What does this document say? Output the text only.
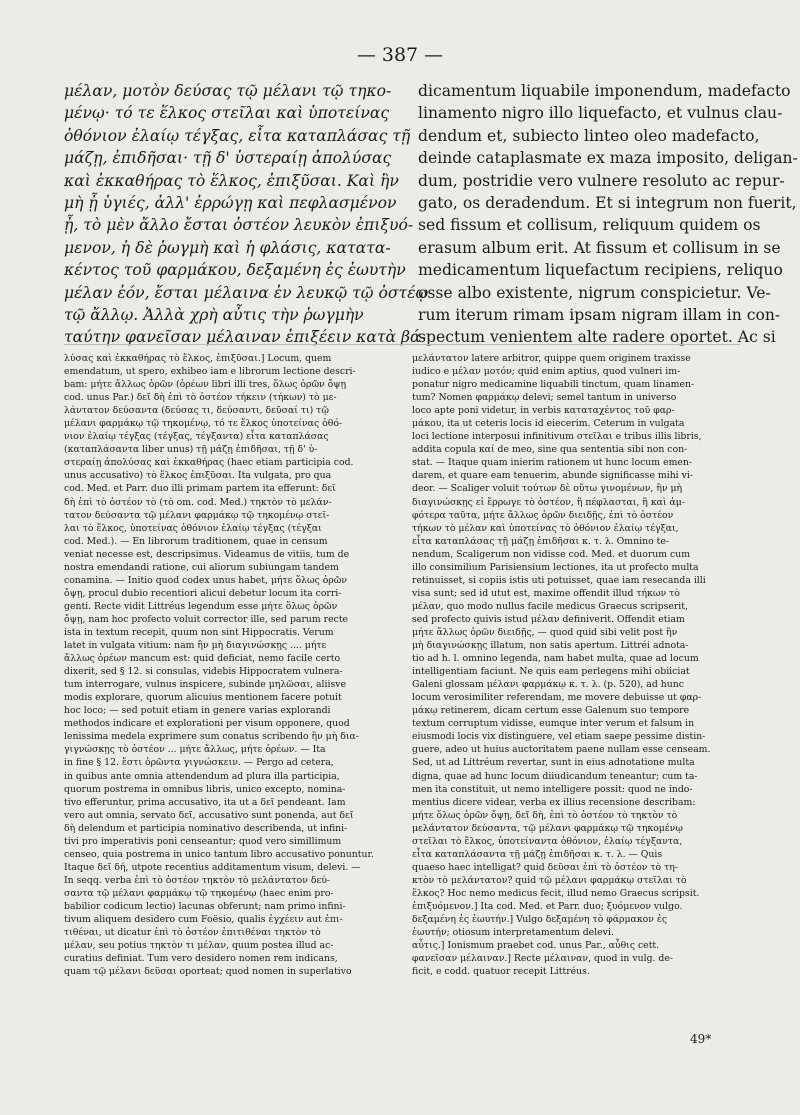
— 387 —
μέλαν, μοτὸν δεύσας τῷ μέλανι τῷ τηκο-
μένῳ· τό τε ἕλκος στεῖλαι καὶ ὑποτείνας
ὀθόνιον ἐλαίῳ τέγξας, εἶτα καταπλάσας τῇ
μάζῃ, ἐπιδῆσαι· τῇ δ' ὑστεραίῃ ἀπολύσας
καὶ ἐκκαθήρας τὸ ἕλκος, ἐπιξῦσαι. Καὶ ἢν
μὴ ᾖ ὑγιές, ἀλλ' ἐρρώγῃ καὶ πεφλασμένον
ᾖ, τὸ μὲν ἄλλο ἔσται ὀστέον λευκὸν ἐπιξυό-
μενον, ἡ δὲ ῥωγμὴ καὶ ἡ φλάσις, κατατα-
κέντος τοῦ φαρμάκου, δεξαμένη ἐς ἑωυτὴν
μέλαν ἐόν, ἔσται μέλαινα ἐν λευκῷ τῷ ὀστέῳ
τῷ ἄλλῳ. Ἀλλὰ χρὴ αὖτις τὴν ῥωγμὴν
ταύτην φανεῖσαν μέλαιναν ἐπιξέειν κατὰ βά-
dicamentum liquabile imponendum, madefacto
linamento nigro illo liquefacto, et vulnus clau-
dendum et, subiecto linteo oleo madefacto,
deinde cataplasmate ex maza imposito, deligan-
dum, postridie vero vulnere resoluto ac repur-
gato, os deradendum. Et si integrum non fuerit,
sed fissum et collisum, reliquum quidem os
erasum album erit. At fissum et collisum in se
medicamentum liquefactum recipiens, reliquo
osse albo existente, nigrum conspicietur. Ve-
rum iterum rimam ipsam nigram illam in con-
spectum venientem alte radere oportet. Ac si
λύσας καὶ ἐκκαθήρας τὸ ἕλκος, ἐπιξῦσαι.] Locum, quem
emendatum, ut spero, exhibeo iam e librorum lectione descri-
bam: μήτε ἄλλως ὁρῶν (ὁρέων libri illi tres, ὅλως ὁρῶν ὄψῃ
cod. unus Par.) δεῖ δὴ ἐπὶ τὸ ὀστέον τήκειν (τήκων) τὸ με-
λάντατον δεύσαντα (δεύσας τι, δεύσαντι, δεῦσαί τι) τῷ
μέλανι φαρμάκῳ τῷ τηκομένῳ, τό τε ἕλκος ὑποτείνας ὀθό-
νιον ἐλαίῳ τέγξας (τέγξας, τέγξαντα) εἶτα καταπλάσας
(καταπλάσαντα liber unus) τῇ μάζῃ ἐπιδῆσαι, τῇ δ' ὑ-
στεραίῃ ἀπολύσας καὶ ἐκκαθήρας (haec etiam participia cod.
unus accusativo) τὸ ἕλκος ἐπιξῦσαι. Ita vulgata, pro qua
cod. Med. et Parr. duo illi primam partem ita efferunt: δεῖ
δὴ ἐπὶ τὸ ὀστέον τὸ (τὸ om. cod. Med.) τηκτὸν τὸ μελάν-
τατον δεύσαντα τῷ μέλανι φαρμάκῳ τῷ τηκομένῳ στεῖ-
λαι τὸ ἕλκος, ὑποτείνας ὀθόνιον ἐλαίῳ τέγξας (τέγξαι
cod. Med.). — En librorum traditionem, quae in censum
veniat necesse est, descripsimus. Videamus de vitiis, tum de
nostra emendandi ratione, cui aliorum subiungam tandem
conamina. — Initio quod codex unus habet, μήτε ὅλως ὁρῶν
ὄψῃ, procul dubio recentiori alicui debetur locum ita corri-
genti. Recte vidit Littréus legendum esse μήτε ὅλως ὁρῶν
ὄψῃ, nam hoc profecto voluit corrector ille, sed parum recte
ista in textum recepit, quum non sint Hippocratis. Verum
latet in vulgata vitium: nam ἢν μὴ διαγινώσκῃς .... μήτε
ἄλλως ὁρέων mancum est: quid deficiat, nemo facile certo
dixerit, sed § 12. si consulas, videbis Hippocratem vulnera-
tum interrogare, vulnus inspicere, subinde μηλῶσαι, aliisve
modis explorare, quorum alicuius mentionem facere potuit
hoc loco; — sed potuit etiam in genere varias explorandi
methodos indicare et explorationi per visum opponere, quod
lenissima medela exprimere sum conatus scribendo ἢν μὴ δια-
γιγνώσκῃς τὸ ὀστέον ... μήτε ἄλλως, μήτε ὁρέων. — Ita
in fine § 12. ἔστι ὁρῶντα γιγνώσκειν. — Pergo ad cetera,
in quibus ante omnia attendendum ad plura illa participia,
quorum postrema in omnibus libris, unico excepto, nomina-
tivo efferuntur, prima accusativo, ita ut a δεῖ pendeant. Iam
vero aut omnia, servato δεῖ, accusativo sunt ponenda, aut δεῖ
δὴ delendum et participia nominativo describenda, ut infini-
tivi pro imperativis poni censeantur; quod vero simillimum
censeo, quia postrema in unico tantum libro accusativo ponuntur.
Itaque δεῖ δή, utpote recentius additamentum visum, delevi. —
In seqq. verba ἐπὶ τὸ ὀστέον τηκτὸν τὸ μελάντατον δεύ-
σαντα τῷ μέλανι φαρμάκῳ τῷ τηκομένῳ (haec enim pro-
babilior codicum lectio) lacunas obferunt; nam primo infini-
tivum aliquem desidero cum Foësio, qualis ἐγχέειν aut ἐπι-
τιθέναι, ut dicatur ἐπὶ τὸ ὀστέον ἐπιτιθέναι τηκτὸν τὸ
μέλαν, seu potius τηκτὸν τι μέλαν, quum postea illud ac-
curatius definiat. Tum vero desidero nomen rem indicans,
quam τῷ μέλανι δεῦσαι oporteat; quod nomen in superlativo
μελάντατον latere arbitror, quippe quem originem traxisse
iudico e μέλαν μοτόν; quid enim aptius, quod vulneri im-
ponatur nigro medicamine liquabili tinctum, quam linamen-
tum? Nomen φαρμάκῳ delevi; semel tantum in universo
loco apte poni videtur, in verbis καταταχέντος τοῦ φαρ-
μάκου, ita ut ceteris locis id eiecerim. Ceterum in vulgata
loci lectione interposui infinitivum στεῖλαι e tribus illis libris,
addita copula καί de meo, sine qua sententia sibi non con-
stat. — Itaque quam inierim rationem ut hunc locum emen-
darem, et quare eam tenuerim, abunde significasse mihi vi-
deor. — Scaliger voluit τούτων δὲ οὔτω γινομένων, ἢν μὴ
διαγινώσκῃς εἰ ἔρρωγε τὸ ὀστέον, ἢ πέφλασται, ἢ καὶ ἀμ-
φότερα ταῦτα, μήτε ἄλλως ὁρῶν διειδῇς, ἐπὶ τὸ ὀστέον
τήκων τὸ μέλαν καὶ ὑποτείνας τὸ ὀθόνιον ἐλαίῳ τέγξαι,
εἶτα καταπλάσας τῇ μάζῃ ἐπιδῆσαι κ. τ. λ. Omnino te-
nendum, Scaligerum non vidisse cod. Med. et duorum cum
illo consimilium Parisiensium lectiones, ita ut profecto multa
retinuisset, si copiis istis uti potuisset, quae iam resecanda illi
visa sunt; sed id utut est, maxime offendit illud τήκων τὸ
μέλαν, quo modo nullus facile medicus Graecus scripserit,
sed profecto quivis istud μέλαν definiverit. Offendit etiam
μήτε ἄλλως ὁρῶν διειδῇς, — quod quid sibi velit post ἢν
μὴ διαγινώσκῃς illatum, non satis apertum. Littréi adnota-
tio ad h. l. omnino legenda, nam habet multa, quae ad locum
intelligentiam faciunt. Ne quis eam perlegens mihi obiiciat
Galeni glossam μέλανι φαρμάκῳ κ. τ. λ. (p. 520), ad hunc
locum verosimiliter referendam, me movere debuisse ut φαρ-
μάκῳ retinerem, dicam certum esse Galenum suo tempore
textum corruptum vidisse, eumque inter verum et falsum in
eiusmodi locis vix distinguere, vel etiam saepe pessime distin-
guere, adeo ut huius auctoritatem paene nullam esse censeam.
Sed, ut ad Littréum revertar, sunt in eius adnotatione multa
digna, quae ad hunc locum diiudicandum teneantur; cum ta-
men ita constituit, ut nemo intelligere possit: quod ne indo-
mentius dicere videar, verba ex illius recensione describam:
μήτε ὅλως ὁρῶν ὄψῃ, δεῖ δὴ, ἐπὶ τὸ ὀστέον τὸ τηκτὸν τὸ
μελάντατον δεύσαντα, τῷ μέλανι φαρμάκῳ τῷ τηκομένῳ
στεῖλαι τὸ ἕλκος, ὑποτείναντα ὀθόνιον, ἐλαίῳ τέγξαντα,
εἶτα καταπλάσαντα τῇ μάζῃ ἐπιδῆσαι κ. τ. λ. — Quis
quaeso haec intelligat? quid δεῦσαι ἐπὶ τὸ ὀστέον τὸ τη-
κτὸν τὸ μελάντατον? quid τῷ μέλανι φαρμάκῳ στεῖλαι τὸ
ἕλκος? Hoc nemo medicus fecit, illud nemo Graecus scripsit.
ἐπιξυόμενον.] Ita cod. Med. et Parr. duo; ξυόμενον vulgo.
δεξαμένη ἐς ἑωυτήν.] Vulgo δεξαμένη τὸ φάρμακον ἐς
ἑωυτήν; otiosum interpretamentum delevi.
αὖτις.] Ionismum praebet cod. unus Par., αὖθις cett.
φανεῖσαν μέλαιναν.] Recte μέλαιναν, quod in vulg. de-
ficit, e codd. quatuor recepit Littréus.
49*
